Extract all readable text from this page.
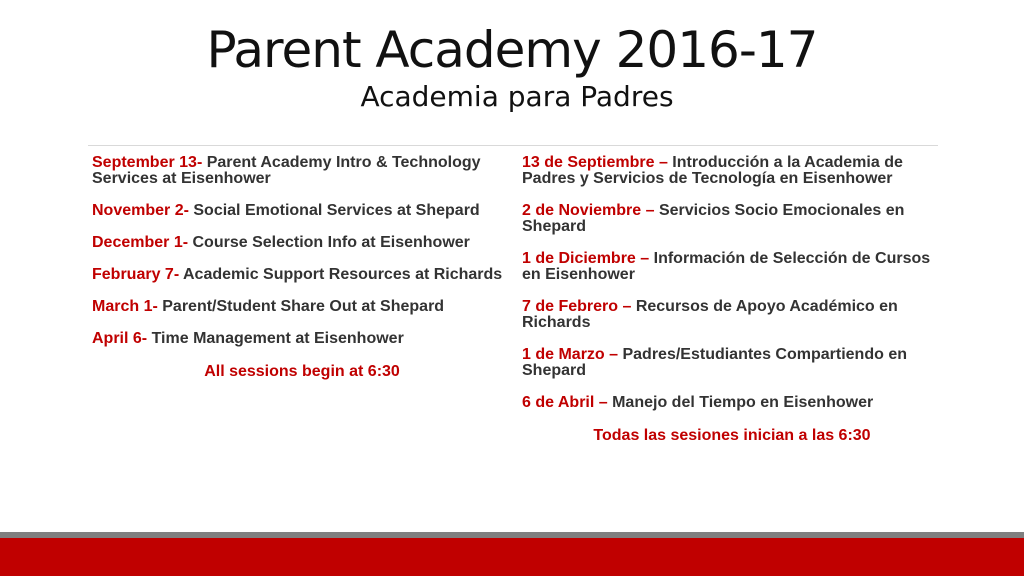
Parent Academy 2016-17
Academia para Padres
September 13- Parent Academy Intro & Technology Services at Eisenhower
November 2- Social Emotional Services at Shepard
December 1- Course Selection Info at Eisenhower
February 7- Academic Support Resources at Richards
March 1- Parent/Student Share Out at Shepard
April 6- Time Management at Eisenhower
All sessions begin at 6:30
13 de Septiembre – Introducción a la Academia de Padres y Servicios de Tecnología en Eisenhower
2 de Noviembre – Servicios Socio Emocionales en Shepard
1 de Diciembre – Información de Selección de Cursos en Eisenhower
7 de Febrero – Recursos de Apoyo Académico en Richards
1 de Marzo – Padres/Estudiantes Compartiendo en Shepard
6 de Abril – Manejo del Tiempo en Eisenhower
Todas las sesiones inician a las 6:30
